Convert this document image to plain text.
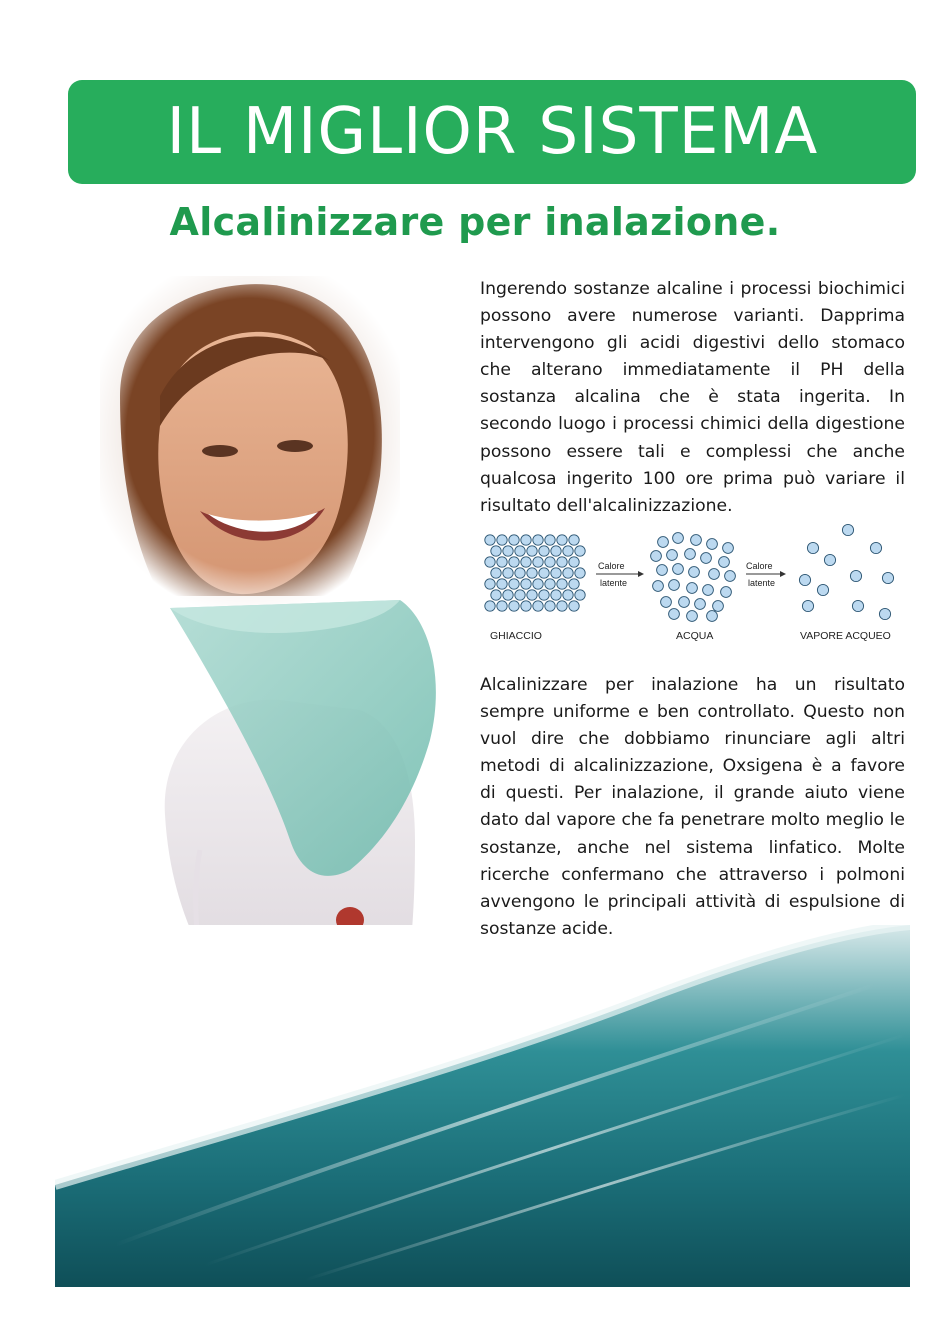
IL MIGLIOR SISTEMA
Alcalinizzare per inalazione.

Ingerendo sostanze alcaline i processi biochimici possono avere numerose varianti. Dapprima intervengono gli acidi digestivi dello stomaco che alterano immediatamente il PH della sostanza alcalina che è stata ingerita. In secondo luogo i processi chimici della digestione possono essere tali e complessi che anche qualcosa ingerito 100 ore prima può variare il risultato dell'alcalinizzazione.

Calore
latente
Calore
latente
GHIACCIO	ACQUA	VAPORE ACQUEO

Alcalinizzare per inalazione ha un risultato sempre uniforme e ben controllato. Questo non vuol dire che dobbiamo rinunciare agli altri metodi di alcalinizzazione, Oxsigena è a favore di questi. Per inalazione, il grande aiuto viene dato dal vapore che fa penetrare molto meglio le sostanze, anche nel sistema linfatico. Molte ricerche confermano che attraverso i polmoni avvengono le principali attività di espulsione di sostanze acide.
